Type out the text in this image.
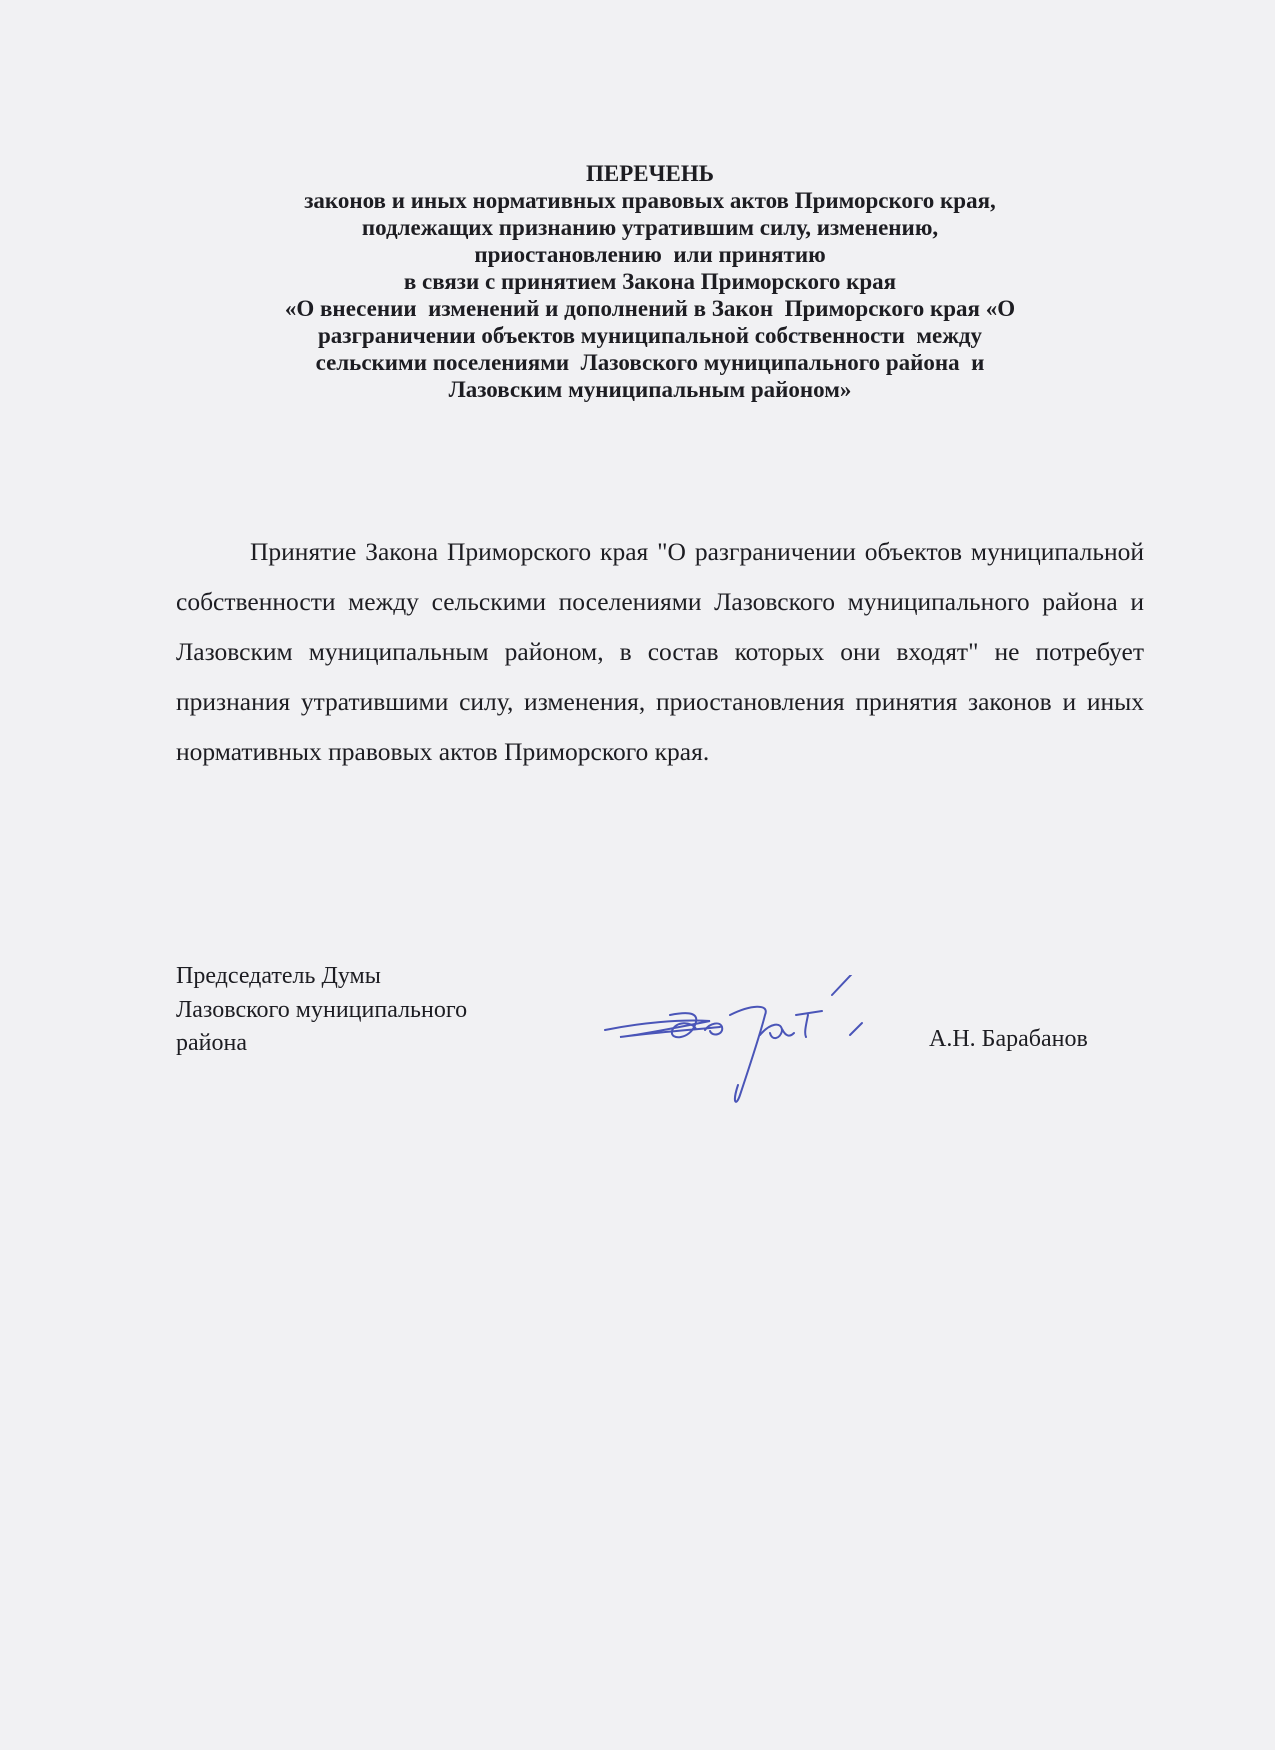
ПЕРЕЧЕНЬ
законов и иных нормативных правовых актов Приморского края,
подлежащих признанию утратившим силу, изменению,
приостановлению  или принятию
в связи с принятием Закона Приморского края
«О внесении  изменений и дополнений в Закон  Приморского края «О
разграничении объектов муниципальной собственности  между
сельскими поселениями  Лазовского муниципального района  и
Лазовским муниципальным районом»
Принятие Закона Приморского края "О разграничении объектов муниципальной собственности между сельскими поселениями Лазовского муниципального района и Лазовским муниципальным районом, в состав которых они входят" не потребует признания утратившими силу, изменения, приостановления принятия законов и иных нормативных правовых актов Приморского края.
Председатель Думы
Лазовского муниципального
района	А.Н. Барабанов
